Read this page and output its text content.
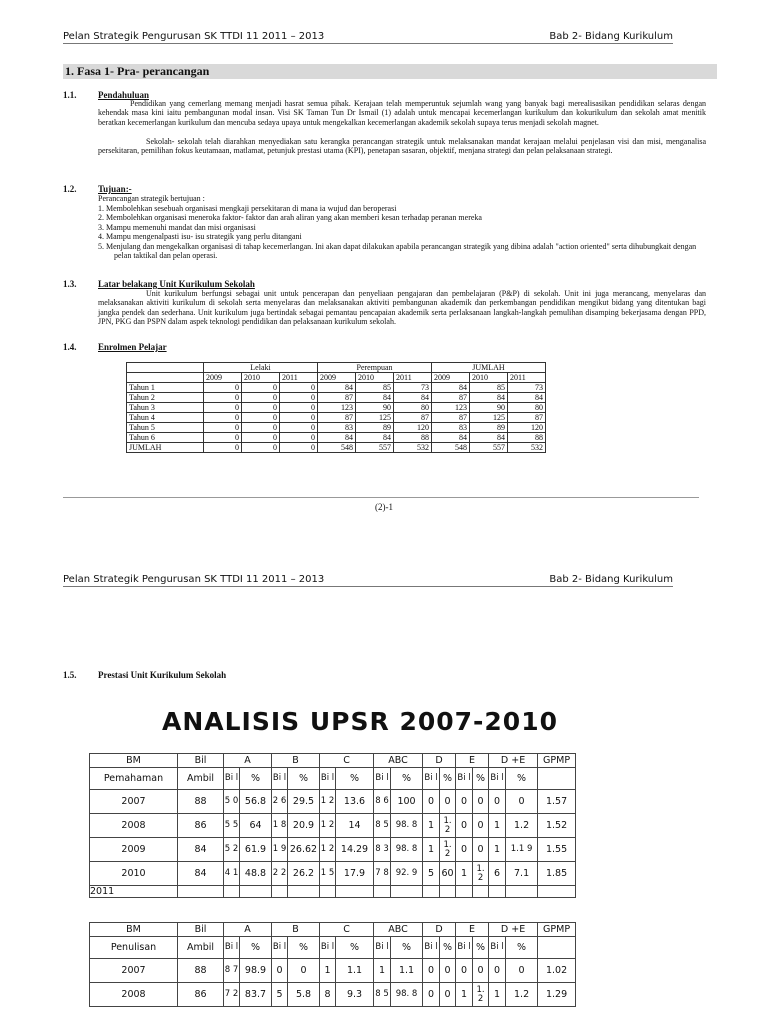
Pelan Strategik Pengurusan SK TTDI 11 2011 – 2013	Bab 2- Bidang Kurikulum
1. Fasa 1- Pra- perancangan
1.1. Pendahuluan
Pendidikan yang cemerlang memang menjadi hasrat semua pihak. Kerajaan telah memperuntuk sejumlah wang yang banyak bagi merealisasikan pendidikan selaras dengan kehendak masa kini iaitu pembangunan modal insan. Visi SK Taman Tun Dr Ismail (1) adalah untuk mencapai kecemerlangan kurikulum dan kokurikulum dan sekolah amat menitik beratkan kecemerlangan kurikulum dan mencuba sedaya upaya untuk mengekalkan kecemerlangan akademik sekolah supaya terus menjadi sekolah magnet.
Sekolah- sekolah telah diarahkan menyediakan satu kerangka perancangan strategik untuk melaksanakan mandat kerajaan melalui penjelasan visi dan misi, menganalisa persekitaran, pemilihan fokus keutamaan, matlamat, petunjuk prestasi utama (KPI), penetapan sasaran, objektif, menjana strategi dan pelan pelaksanaan strategi.
1.2. Tujuan:-
Perancangan strategik bertujuan :
1. Membolehkan sesebuah organisasi mengkaji persekitaran di mana ia wujud dan beroperasi
2. Membolehkan organisasi meneroka faktor- faktor dan arah aliran yang akan memberi kesan terhadap peranan mereka
3. Mampu memenuhi mandat dan misi organisasi
4. Mampu mengenalpasti isu- isu strategik yang perlu ditangani
5. Menjulang dan mengekalkan organisasi di tahap kecemerlangan. Ini akan dapat dilakukan apabila perancangan strategik yang dibina adalah "action oriented" serta dihubungkait dengan pelan taktikal dan pelan operasi.
1.3. Latar belakang Unit Kurikulum Sekolah
Unit kurikulum berfungsi sebagai unit untuk pencerapan dan penyeliaan pengajaran dan pembelajaran (P&P) di sekolah. Unit ini juga merancang, menyelaras dan melaksanakan aktiviti kurikulum di sekolah serta menyelaras dan melaksanakan aktiviti pembangunan akademik dan perkembangan pendidikan mengikut bidang yang ditentukan bagi jangka pendek dan sederhana. Unit kurikulum juga bertindak sebagai pemantau pencapaian akademik serta perlaksanaan langkah-langkah pemulihan disamping bekerjasama dengan PPD, JPN, PKG dan PSPN dalam aspek teknologi pendidikan dan pelaksanaan kurikulum sekolah.
1.4. Enrolmen Pelajar
	Lelaki			Perempuan			JUMLAH		
	2009	2010	2011	2009	2010	2011	2009	2010	2011
Tahun 1	0	0	0	84	85	73	84	85	73
Tahun 2	0	0	0	87	84	84	87	84	84
Tahun 3	0	0	0	123	90	80	123	90	80
Tahun 4	0	0	0	87	125	87	87	125	87
Tahun 5	0	0	0	83	89	120	83	89	120
Tahun 6	0	0	0	84	84	88	84	84	88
JUMLAH	0	0	0	548	557	532	548	557	532
(2)-1
Pelan Strategik Pengurusan SK TTDI 11 2011 – 2013	Bab 2- Bidang Kurikulum
1.5. Prestasi Unit Kurikulum Sekolah
ANALISIS UPSR 2007-2010
BM	Bil	A		B		C		ABC		D		E		D +E		GPMP
Pemahaman	Ambil	Bi l	%	Bi l	%	Bi l	%	Bi l	%	Bi l	%	Bi l	%	Bi l	%	
2007	88	5 0	56.8	2 6	29.5	1 2	13.6	8 6	100	0	0	0	0	0	0	1.57
2008	86	5 5	64	1 8	20.9	1 2	14	8 5	98. 8	1	1. 2	0	0	1	1.2	1.52
2009	84	5 2	61.9	1 9	26.62	1 2	14.29	8 3	98. 8	1	1. 2	0	0	1	1.1 9	1.55
2010	84	4 1	48.8	2 2	26.2	1 5	17.9	7 8	92. 9	5	60	1	1. 2	6	7.1	1.85
2011																
BM	Bil	A		B		C		ABC		D		E		D +E		GPMP
Penulisan	Ambil	Bi l	%	Bi l	%	Bi l	%	Bi l	%	Bi l	%	Bi l	%	Bi l	%	
2007	88	8 7	98.9	0	0	1	1.1	1	1.1	0	0	0	0	0	0	1.02
2008	86	7 2	83.7	5	5.8	8	9.3	8 5	98. 8	0	0	1	1. 2	1	1.2	1.29
